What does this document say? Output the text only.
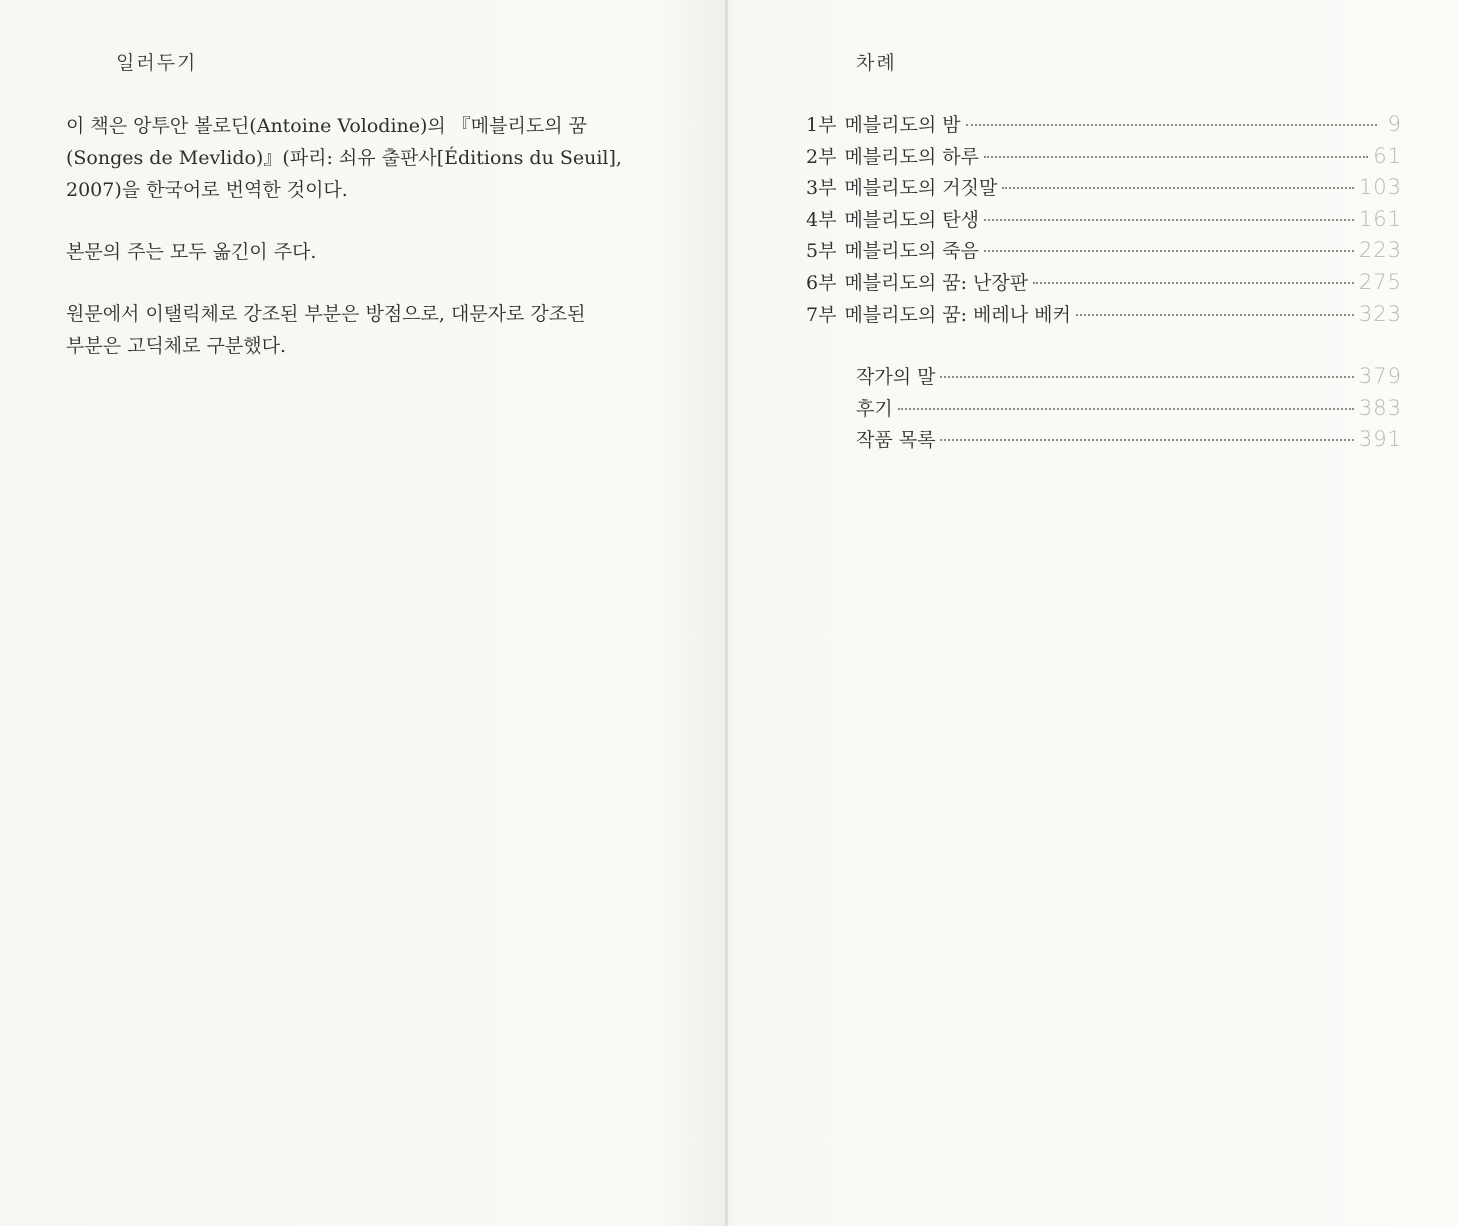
일러두기

이 책은 앙투안 볼로딘(Antoine Volodine)의 『메블리도의 꿈
(Songes de Mevlido)』(파리: 쇠유 출판사[Éditions du Seuil],
2007)을 한국어로 번역한 것이다.

본문의 주는 모두 옮긴이 주다.

원문에서 이탤릭체로 강조된 부분은 방점으로, 대문자로 강조된
부분은 고딕체로 구분했다.

차례
1부 메블리도의 밤	9
2부 메블리도의 하루	61
3부 메블리도의 거짓말	103
4부 메블리도의 탄생	161
5부 메블리도의 죽음	223
6부 메블리도의 꿈: 난장판	275
7부 메블리도의 꿈: 베레나 베커	323
작가의 말	379
후기	383
작품 목록	391
